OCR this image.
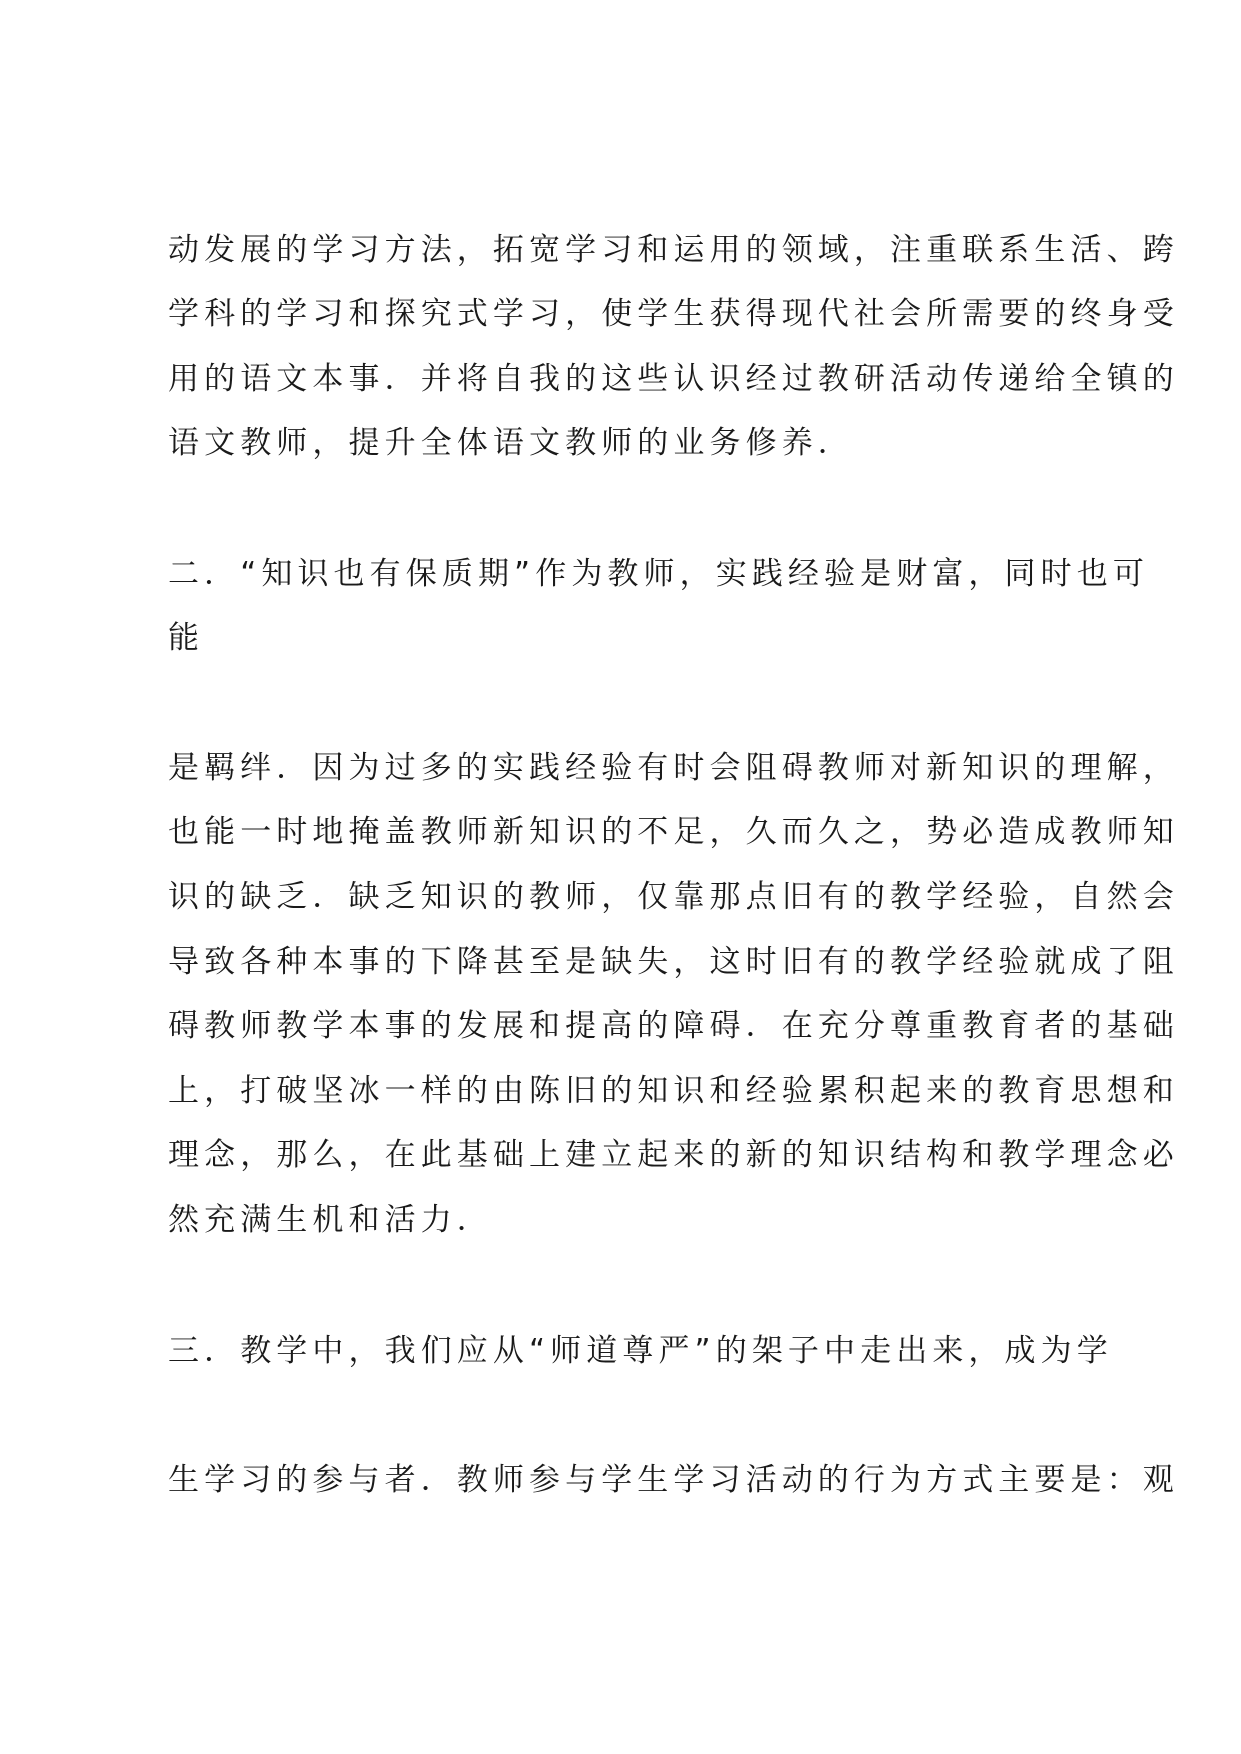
动发展的学习方法，拓宽学习和运用的领域，注重联系生活、跨
学科的学习和探究式学习，使学生获得现代社会所需要的终身受
用的语文本事．并将自我的这些认识经过教研活动传递给全镇的
语文教师，提升全体语文教师的业务修养．
二．“知识也有保质期”作为教师，实践经验是财富，同时也可
能
是羁绊．因为过多的实践经验有时会阻碍教师对新知识的理解，
也能一时地掩盖教师新知识的不足，久而久之，势必造成教师知
识的缺乏．缺乏知识的教师，仅靠那点旧有的教学经验，自然会
导致各种本事的下降甚至是缺失，这时旧有的教学经验就成了阻
碍教师教学本事的发展和提高的障碍．在充分尊重教育者的基础
上，打破坚冰一样的由陈旧的知识和经验累积起来的教育思想和
理念，那么，在此基础上建立起来的新的知识结构和教学理念必
然充满生机和活力．
三．教学中，我们应从“师道尊严”的架子中走出来，成为学
生学习的参与者．教师参与学生学习活动的行为方式主要是：观
